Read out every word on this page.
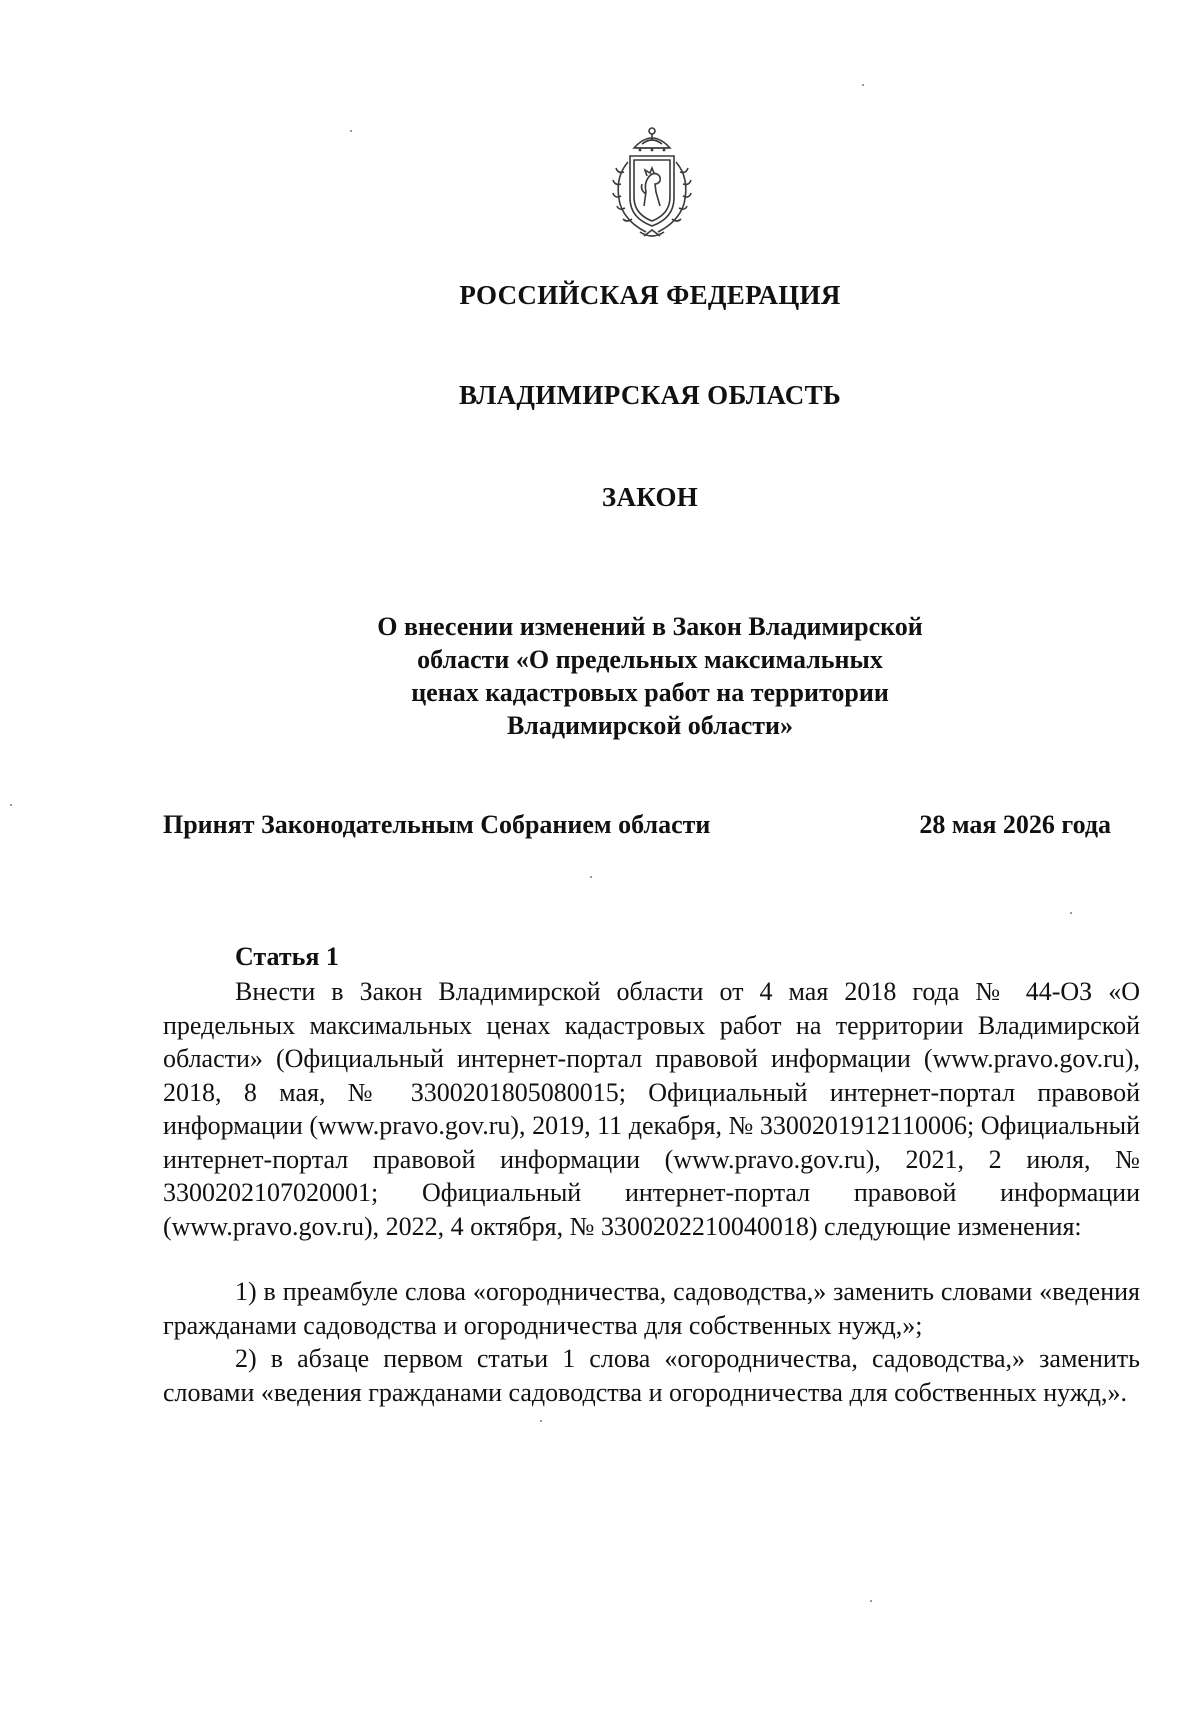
РОССИЙСКАЯ ФЕДЕРАЦИЯ
ВЛАДИМИРСКАЯ ОБЛАСТЬ
ЗАКОН
О внесении изменений в Закон Владимирской
области «О предельных максимальных
ценах кадастровых работ на территории
Владимирской области»
Принят Законодательным Собранием области	28 мая 2026 года
Статья 1

Внести в Закон Владимирской области от 4 мая 2018 года № 44-ОЗ «О предельных максимальных ценах кадастровых работ на территории Владимирской области» (Официальный интернет-портал правовой информации (www.pravo.gov.ru), 2018, 8 мая, № 3300201805080015; Официальный интернет-портал правовой информации (www.pravo.gov.ru), 2019, 11 декабря, № 3300201912110006; Официальный интернет-портал правовой информации (www.pravo.gov.ru), 2021, 2 июля, № 3300202107020001; Официальный интернет-портал правовой информации (www.pravo.gov.ru), 2022, 4 октября, № 3300202210040018) следующие изменения:

1) в преамбуле слова «огородничества, садоводства,» заменить словами «ведения гражданами садоводства и огородничества для собственных нужд,»;

2) в абзаце первом статьи 1 слова «огородничества, садоводства,» заменить словами «ведения гражданами садоводства и огородничества для собственных нужд,».
